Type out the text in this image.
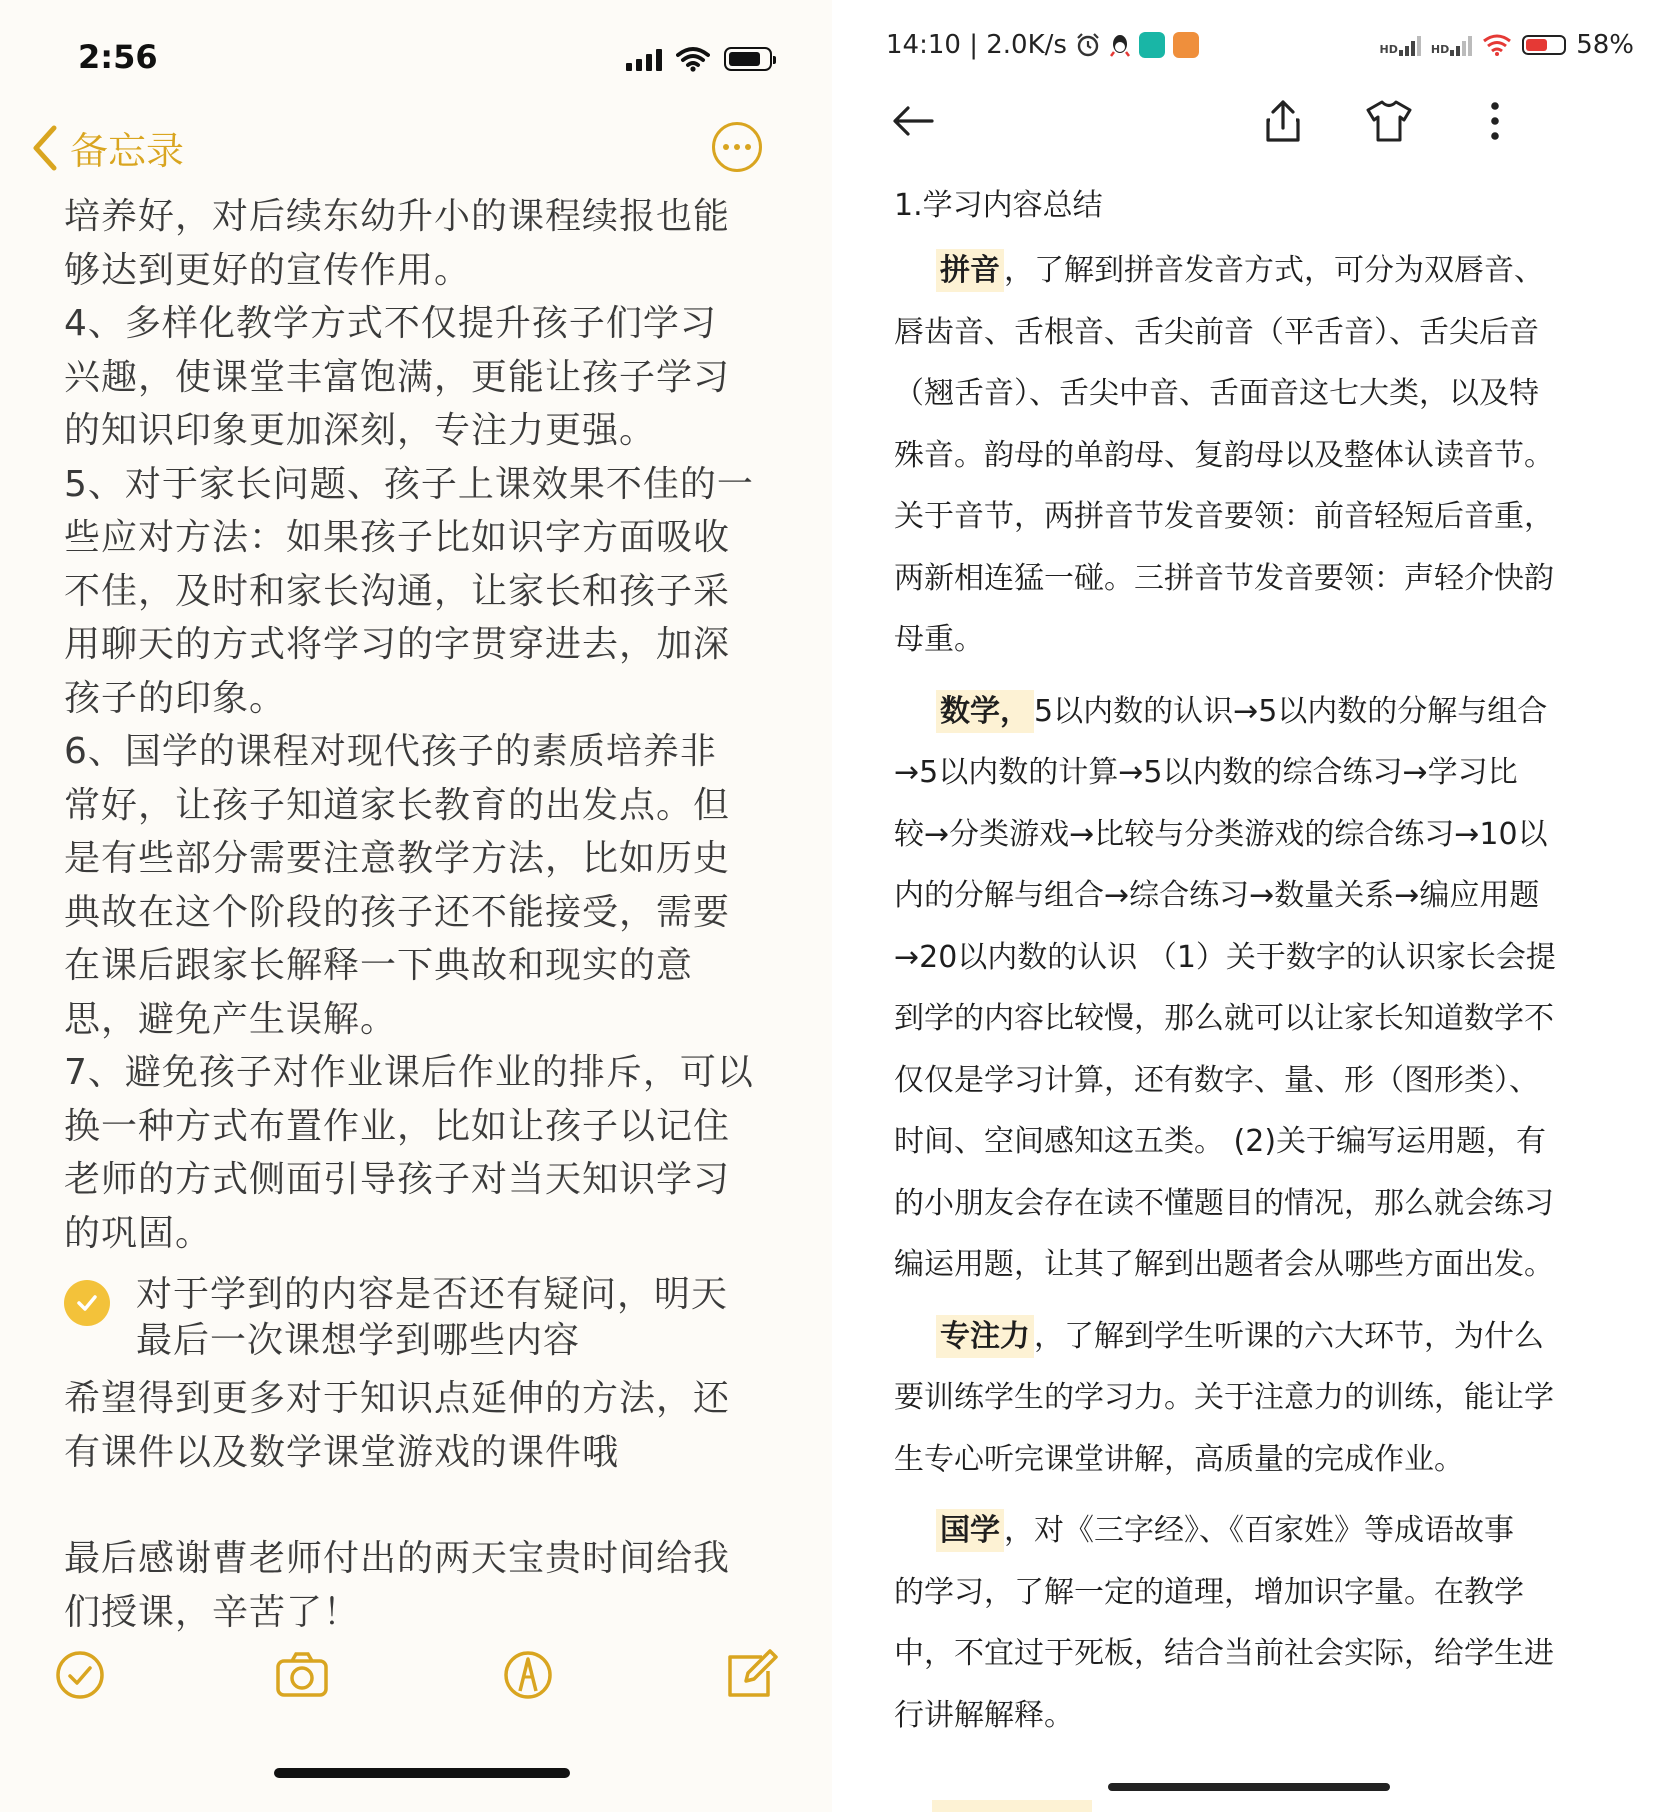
2:56
备忘录

培养好，对后续东幼升小的课程续报也能

够达到更好的宣传作用。

4、多样化教学方式不仅提升孩子们学习

兴趣，使课堂丰富饱满，更能让孩子学习

的知识印象更加深刻，专注力更强。

5、对于家长问题、孩子上课效果不佳的一

些应对方法：如果孩子比如识字方面吸收

不佳，及时和家长沟通，让家长和孩子采

用聊天的方式将学习的字贯穿进去，加深

孩子的印象。

6、国学的课程对现代孩子的素质培养非

常好，让孩子知道家长教育的出发点。但

是有些部分需要注意教学方法，比如历史

典故在这个阶段的孩子还不能接受，需要

在课后跟家长解释一下典故和现实的意

思，避免产生误解。

7、避免孩子对作业课后作业的排斥，可以

换一种方式布置作业，比如让孩子以记住

老师的方式侧面引导孩子对当天知识学习

的巩固。

对于学到的内容是否还有疑问，明天
最后一次课想学到哪些内容

希望得到更多对于知识点延伸的方法，还

有课件以及数学课堂游戏的课件哦

最后感谢曹老师付出的两天宝贵时间给我

们授课，辛苦了！

14:10 | 2.0K/s	HD	HD	58%

1.学习内容总结

拼音 ，了解到拼音发音方式，可分为双唇音、
唇齿音、舌根音、舌尖前音（平舌音）、舌尖后音
（翘舌音）、舌尖中音、舌面音这七大类，以及特
殊音。韵母的单韵母、复韵母以及整体认读音节。
关于音节，两拼音节发音要领：前音轻短后音重，
两新相连猛一碰。三拼音节发音要领：声轻介快韵
母重。
数学， 5以内数的认识→5以内数的分解与组合
→5以内数的计算→5以内数的综合练习→学习比
较→分类游戏→比较与分类游戏的综合练习→10以
内的分解与组合→综合练习→数量关系→编应用题
→20以内数的认识 （1）关于数字的认识家长会提
到学的内容比较慢，那么就可以让家长知道数学不
仅仅是学习计算，还有数字、量、形（图形类）、
时间、空间感知这五类。 (2)关于编写运用题，有
的小朋友会存在读不懂题目的情况，那么就会练习
编运用题，让其了解到出题者会从哪些方面出发。
专注力 ，了解到学生听课的六大环节，为什么
要训练学生的学习力。关于注意力的训练，能让学
生专心听完课堂讲解，高质量的完成作业。
国学 ，对《三字经》、《百家姓》等成语故事
的学习，了解一定的道理，增加识字量。在教学
中，不宜过于死板，结合当前社会实际，给学生进
行讲解解释。
